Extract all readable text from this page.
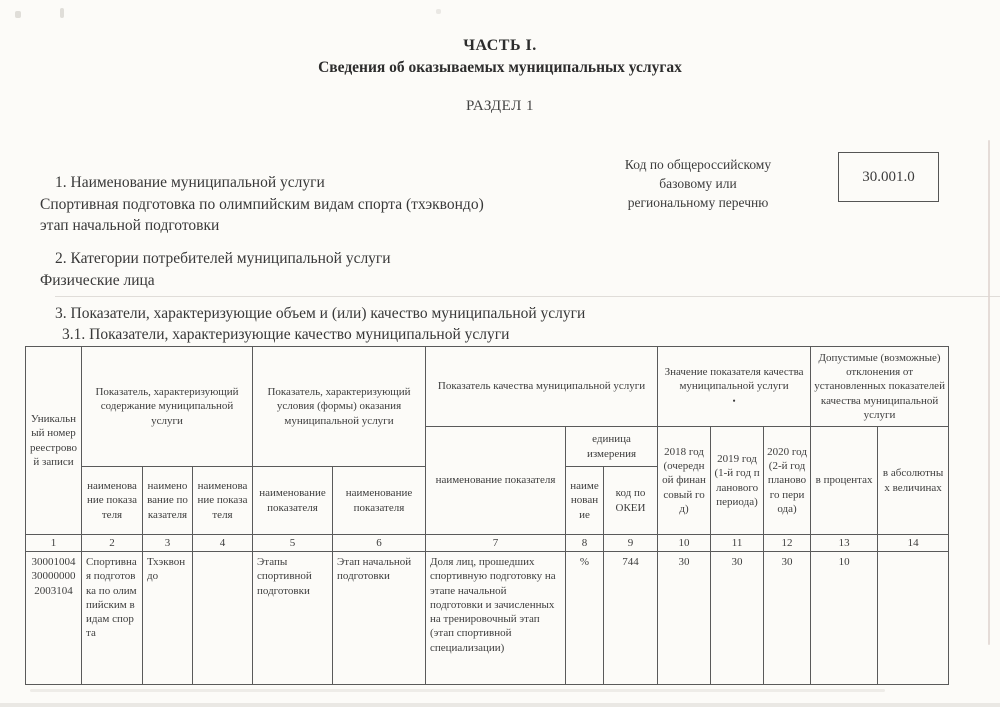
ЧАСТЬ I.
Сведения об оказываемых муниципальных услугах
РАЗДЕЛ 1
1. Наименование муниципальной услуги
Спортивная подготовка по олимпийским видам спорта (тхэквондо)
этап начальной подготовки
Код по общероссийскому
базовому или
региональному перечню
30.001.0
2. Категории потребителей муниципальной услуги
Физические лица
3. Показатели, характеризующие объем и (или) качество муниципальной услуги
3.1. Показатели, характеризующие качество муниципальной услуги
Уникальный номер реестровой записи	Показатель, характеризующий содержание муниципальной услуги			Показатель, характеризующий условия (формы) оказания муниципальной услуги		Показатель качества муниципальной услуги			Значение показателя качества муниципальной услуги
•			Допустимые (возможные) отклонения от установленных показателей качества муниципальной услуги	
						наименование показателя	единица измерения		2018 год (очередной финансовый год)	2019 год (1-й год планового периода)	2020 год (2-й год планового периода)	в процентах	в абсолютных величинах
	наименование показателя	наименование показателя	наименование показателя	наименование показателя	наименование показателя		наименование	код по ОКЕИ					
1	2	3	4	5	6	7	8	9	10	11	12	13	14
30001004300000002003104	Спортивная подготовка по олимпийским видам спорта	Тхэквондо		Этапы спортивной подготовки	Этап начальной подготовки	Доля лиц, прошедших спортивную подготовку на этапе начальной подготовки и зачисленных на тренировочный этап (этап спортивной специализации)	%	744	30	30	30	10	
